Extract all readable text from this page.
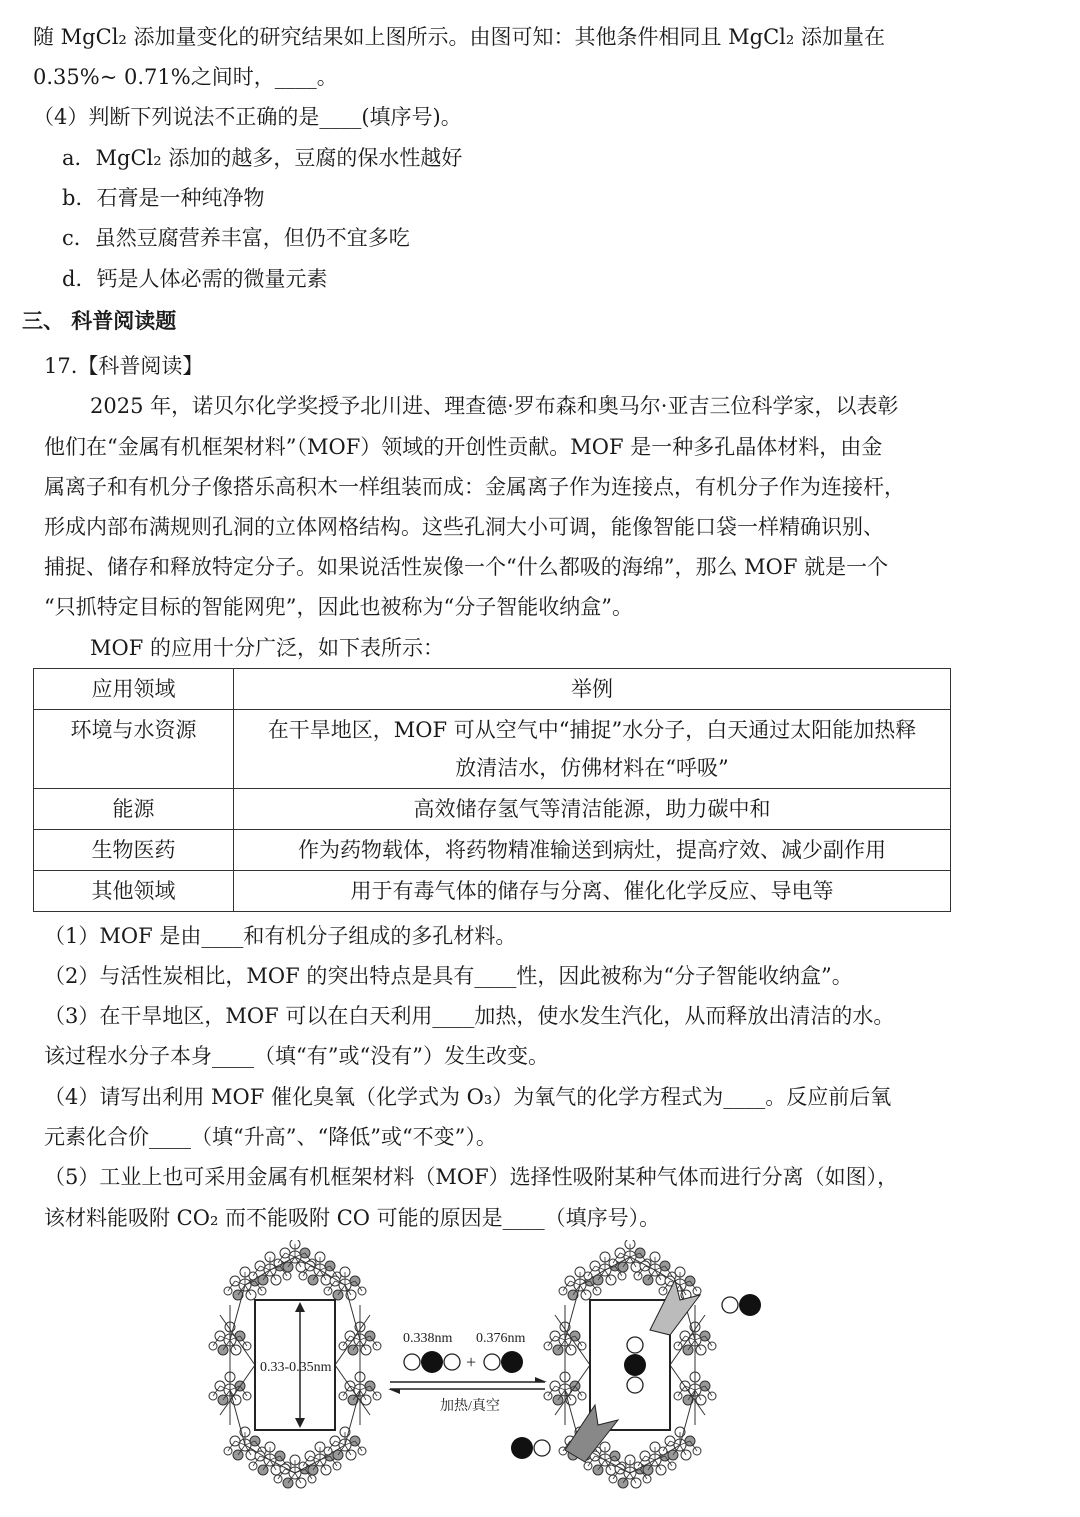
随 MgCl₂ 添加量变化的研究结果如上图所示。由图可知：其他条件相同且 MgCl₂ 添加量在
0.35%~ 0.71%之间时，____。
（4）判断下列说法不正确的是____(填序号)。
a．MgCl₂ 添加的越多，豆腐的保水性越好
b．石膏是一种纯净物
c．虽然豆腐营养丰富，但仍不宜多吃
d．钙是人体必需的微量元素
三、 科普阅读题
17.【科普阅读】
2025 年，诺贝尔化学奖授予北川进、理查德·罗布森和奥马尔·亚吉三位科学家，以表彰
他们在“金属有机框架材料”（MOF）领域的开创性贡献。MOF 是一种多孔晶体材料，由金
属离子和有机分子像搭乐高积木一样组装而成：金属离子作为连接点，有机分子作为连接杆，
形成内部布满规则孔洞的立体网格结构。这些孔洞大小可调，能像智能口袋一样精确识别、
捕捉、储存和释放特定分子。如果说活性炭像一个“什么都吸的海绵”，那么 MOF 就是一个
“只抓特定目标的智能网兜”，因此也被称为“分子智能收纳盒”。
MOF 的应用十分广泛，如下表所示：
应用领域	举例
环境与水资源	在干旱地区，MOF 可从空气中“捕捉”水分子，白天通过太阳能加热释
放清洁水，仿佛材料在“呼吸”

能源	高效储存氢气等清洁能源，助力碳中和
生物医药	作为药物载体，将药物精准输送到病灶，提高疗效、减少副作用
其他领域	用于有毒气体的储存与分离、催化化学反应、导电等
（1）MOF 是由____和有机分子组成的多孔材料。
（2）与活性炭相比，MOF 的突出特点是具有____性，因此被称为“分子智能收纳盒”。
（3）在干旱地区，MOF 可以在白天利用____加热，使水发生汽化，从而释放出清洁的水。
该过程水分子本身____（填“有”或“没有”）发生改变。
（4）请写出利用 MOF 催化臭氧（化学式为 O₃）为氧气的化学方程式为____。反应前后氧
元素化合价____（填“升高”、“降低”或“不变”）。
（5）工业上也可采用金属有机框架材料（MOF）选择性吸附某种气体而进行分离（如图），
该材料能吸附 CO₂ 而不能吸附 CO 可能的原因是____（填序号）。
0.33-0.35nm
0.338nm 0.376nm
+
加热/真空
